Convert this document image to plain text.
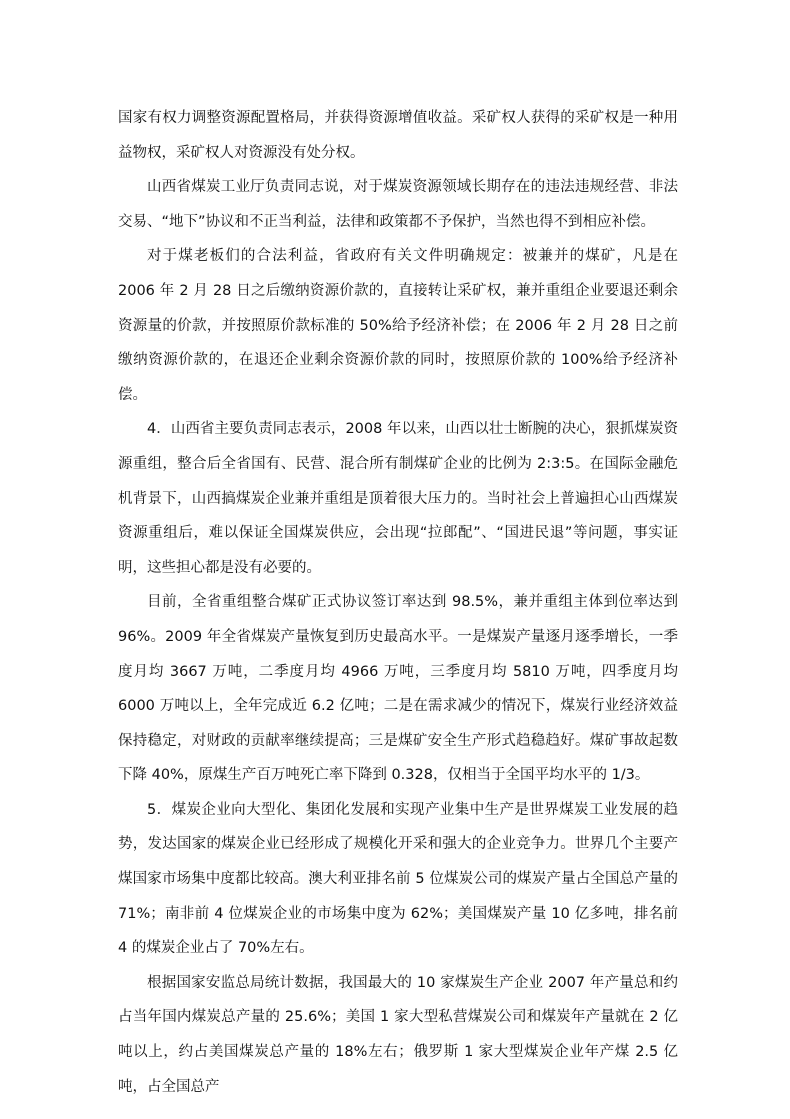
国家有权力调整资源配置格局，并获得资源增值收益。采矿权人获得的采矿权是一种用益物权，采矿权人对资源没有处分权。

山西省煤炭工业厅负责同志说，对于煤炭资源领域长期存在的违法违规经营、非法交易、“地下”协议和不正当利益，法律和政策都不予保护，当然也得不到相应补偿。

对于煤老板们的合法利益，省政府有关文件明确规定：被兼并的煤矿，凡是在 2006 年 2 月 28 日之后缴纳资源价款的，直接转让采矿权，兼并重组企业要退还剩余资源量的价款，并按照原价款标准的 50%给予经济补偿；在 2006 年 2 月 28 日之前缴纳资源价款的，在退还企业剩余资源价款的同时，按照原价款的 100%给予经济补偿。

4．山西省主要负责同志表示，2008 年以来，山西以壮士断腕的决心，狠抓煤炭资源重组，整合后全省国有、民营、混合所有制煤矿企业的比例为 2:3:5。在国际金融危机背景下，山西搞煤炭企业兼并重组是顶着很大压力的。当时社会上普遍担心山西煤炭资源重组后，难以保证全国煤炭供应，会出现“拉郎配”、“国进民退”等问题，事实证明，这些担心都是没有必要的。

目前，全省重组整合煤矿正式协议签订率达到 98.5%，兼并重组主体到位率达到 96%。2009 年全省煤炭产量恢复到历史最高水平。一是煤炭产量逐月逐季增长，一季度月均 3667 万吨，二季度月均 4966 万吨，三季度月均 5810 万吨，四季度月均 6000 万吨以上，全年完成近 6.2 亿吨；二是在需求减少的情况下，煤炭行业经济效益保持稳定，对财政的贡献率继续提高；三是煤矿安全生产形式趋稳趋好。煤矿事故起数下降 40%，原煤生产百万吨死亡率下降到 0.328，仅相当于全国平均水平的 1/3。

5．煤炭企业向大型化、集团化发展和实现产业集中生产是世界煤炭工业发展的趋势，发达国家的煤炭企业已经形成了规模化开采和强大的企业竞争力。世界几个主要产煤国家市场集中度都比较高。澳大利亚排名前 5 位煤炭公司的煤炭产量占全国总产量的 71%；南非前 4 位煤炭企业的市场集中度为 62%；美国煤炭产量 10 亿多吨，排名前 4 的煤炭企业占了 70%左右。

根据国家安监总局统计数据，我国最大的 10 家煤炭生产企业 2007 年产量总和约占当年国内煤炭总产量的 25.6%；美国 1 家大型私营煤炭公司和煤炭年产量就在 2 亿吨以上，约占美国煤炭总产量的 18%左右；俄罗斯 1 家大型煤炭企业年产煤 2.5 亿吨，占全国总产
